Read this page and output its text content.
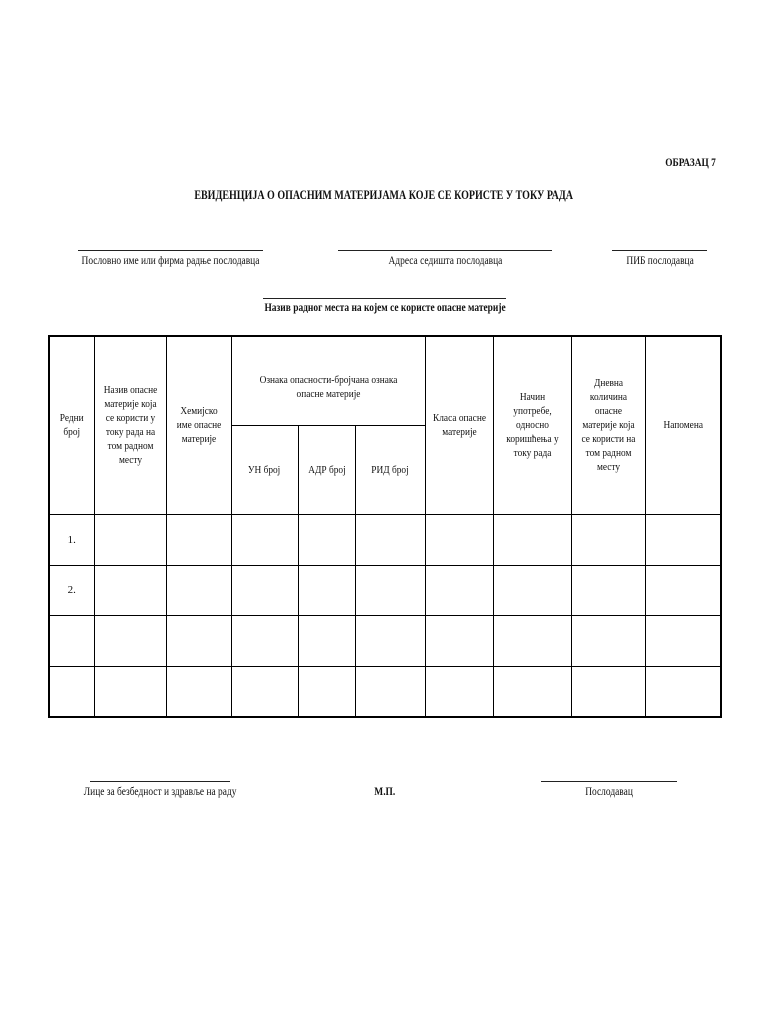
ОБРАЗАЦ 7
ЕВИДЕНЦИЈА О ОПАСНИМ МАТЕРИЈАМА КОЈЕ СЕ КОРИСТЕ У ТОКУ РАДА
Пословно име или фирма радње послодавца	Адреса седишта послодавца	ПИБ послодавца
Назив радног места на којем се користе опасне материје
Редни број	Назив опасне материје која се користи у току рада на том радном месту	Хемијско име опасне материје	Ознака опасности-бројчана ознака опасне материје			Класа опасне материје	Начин употребе, односно коришћења у току рада	Дневна количина опасне материје која се користи на том радном месту	Напомена
			УН број	АДР број	РИД број				
1.									
2.									

Лице за безбедност и здравље на раду	М.П.	Послодавац
